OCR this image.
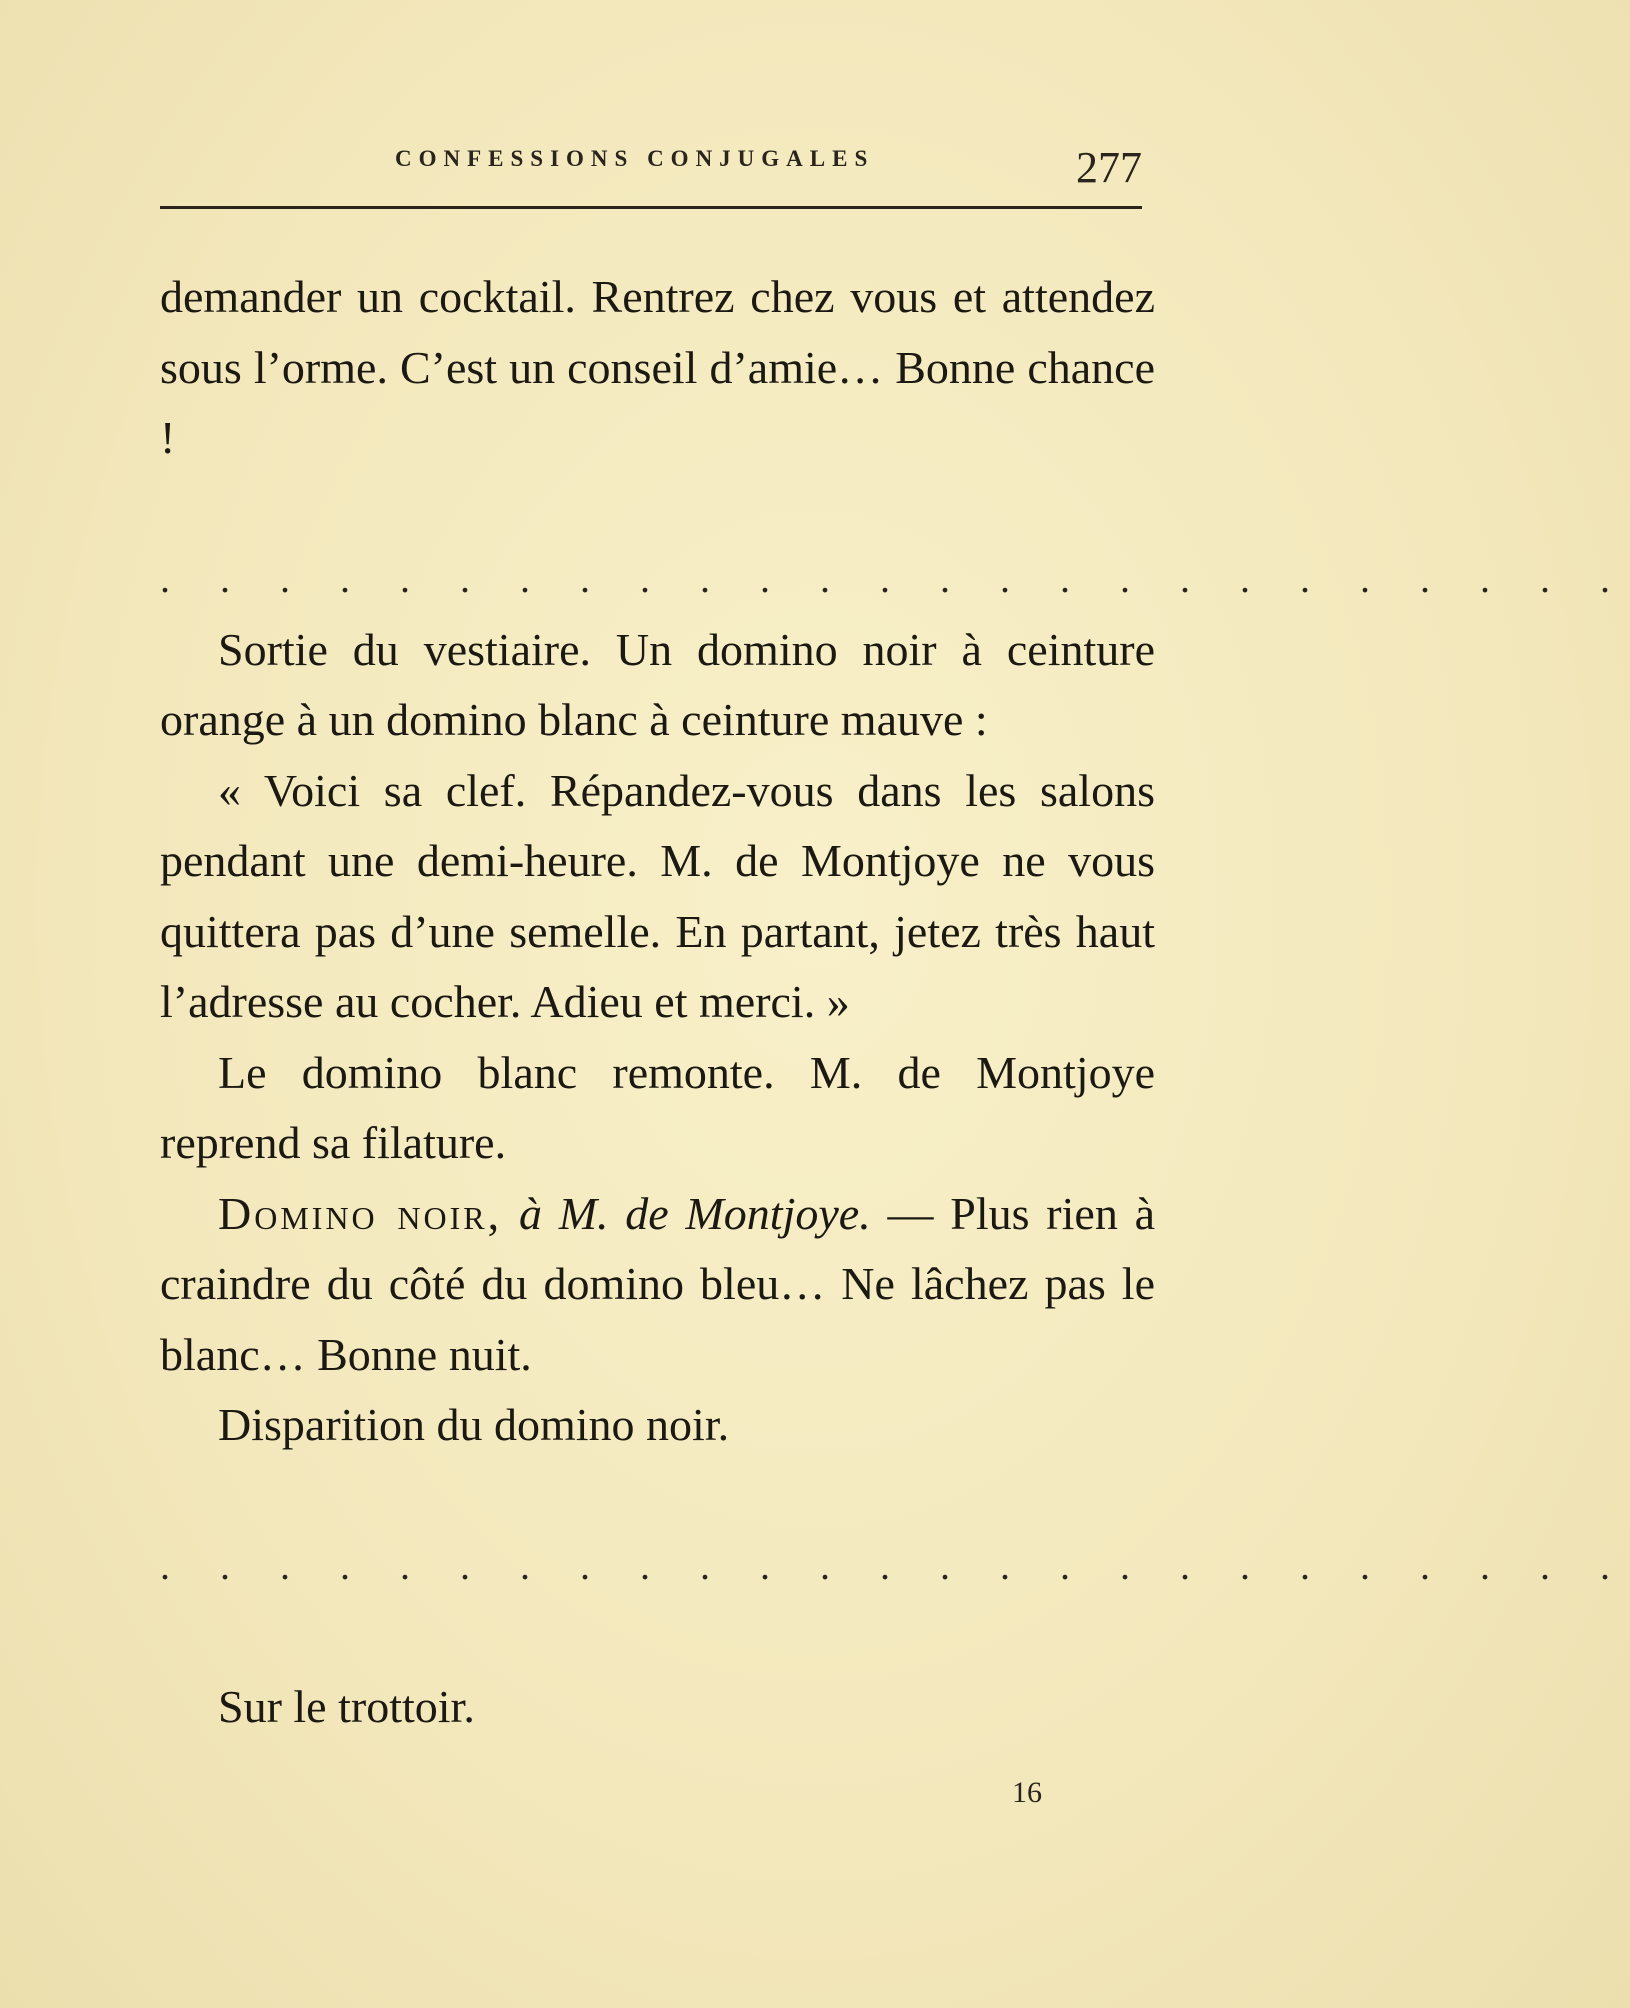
CONFESSIONS CONJUGALES	277

demander un cocktail. Rentrez chez vous et attendez sous l’orme. C’est un conseil d’amie… Bonne chance !

. . . . . . . . . . . . . . . . . . . . . . . . .

Sortie du vestiaire. Un domino noir à ceinture orange à un domino blanc à ceinture mauve :

« Voici sa clef. Répandez-vous dans les salons pendant une demi-heure. M. de Montjoye ne vous quittera pas d’une semelle. En partant, jetez très haut l’adresse au cocher. Adieu et merci. »

Le domino blanc remonte. M. de Montjoye reprend sa filature.

Domino noir, à M. de Montjoye. — Plus rien à craindre du côté du domino bleu… Ne lâchez pas le blanc… Bonne nuit.

Disparition du domino noir.

. . . . . . . . . . . . . . . . . . . . . . . . .

Sur le trottoir.

16
